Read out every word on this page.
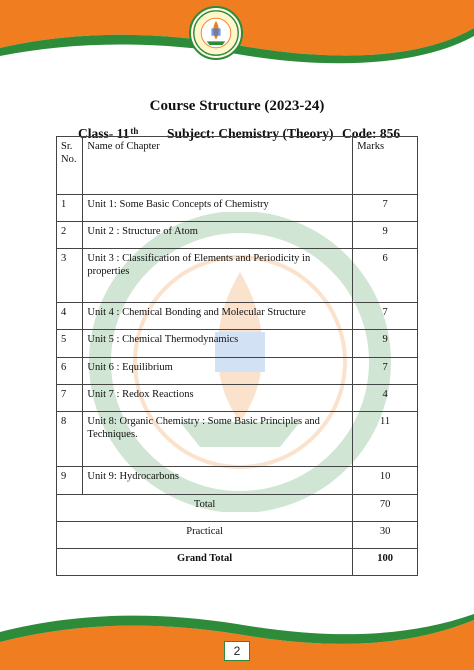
Course Structure (2023-24)
Class- 11th Subject: Chemistry (Theory) Code: 856
Sr. No.	Name of Chapter	Marks
1	Unit 1: Some Basic Concepts of Chemistry	7
2	Unit 2 : Structure of Atom	9
3	Unit 3 : Classification of Elements and Periodicity in properties	6
4	Unit 4 : Chemical Bonding and Molecular Structure	7
5	Unit 5 : Chemical Thermodynamics	9
6	Unit 6 : Equilibrium	7
7	Unit 7 : Redox Reactions	4
8	Unit 8: Organic Chemistry : Some Basic Principles and Techniques.	11
9	Unit 9: Hydrocarbons	10
Total		70
Practical		30
Grand Total		100
2
